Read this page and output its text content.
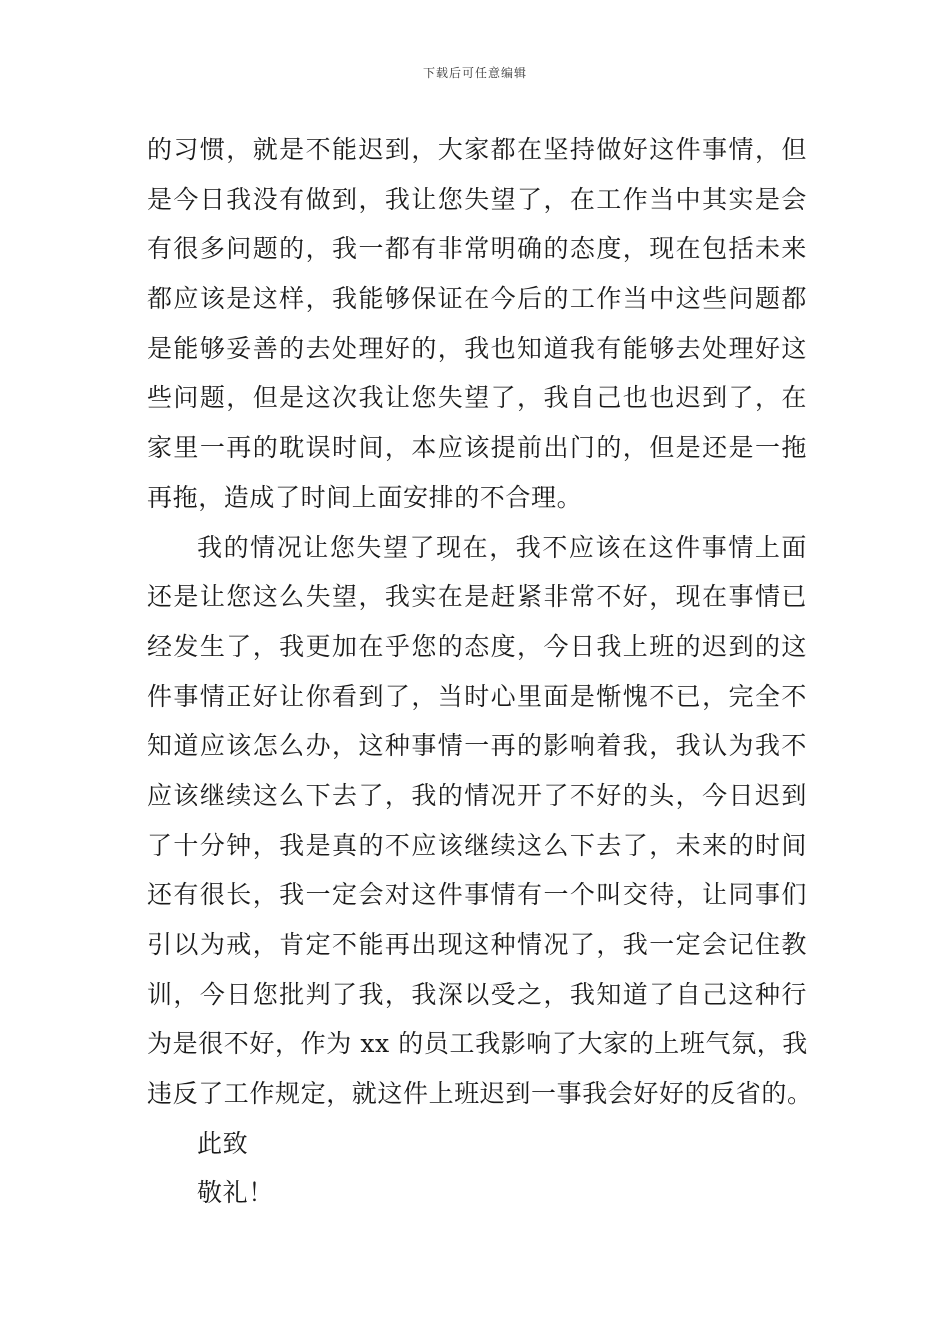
下载后可任意编辑
的习惯，就是不能迟到，大家都在坚持做好这件事情，但
是今日我没有做到，我让您失望了，在工作当中其实是会
有很多问题的，我一都有非常明确的态度，现在包括未来
都应该是这样，我能够保证在今后的工作当中这些问题都
是能够妥善的去处理好的，我也知道我有能够去处理好这
些问题，但是这次我让您失望了，我自己也也迟到了，在
家里一再的耽误时间，本应该提前出门的，但是还是一拖
再拖，造成了时间上面安排的不合理。
我的情况让您失望了现在，我不应该在这件事情上面
还是让您这么失望，我实在是赶紧非常不好，现在事情已
经发生了，我更加在乎您的态度，今日我上班的迟到的这
件事情正好让你看到了，当时心里面是惭愧不已，完全不
知道应该怎么办，这种事情一再的影响着我，我认为我不
应该继续这么下去了，我的情况开了不好的头，今日迟到
了十分钟，我是真的不应该继续这么下去了，未来的时间
还有很长，我一定会对这件事情有一个叫交待，让同事们
引以为戒，肯定不能再出现这种情况了，我一定会记住教
训，今日您批判了我，我深以受之，我知道了自己这种行
为是很不好，作为 xx 的员工我影响了大家的上班气氛，我
违反了工作规定，就这件上班迟到一事我会好好的反省的。
此致
敬礼！
